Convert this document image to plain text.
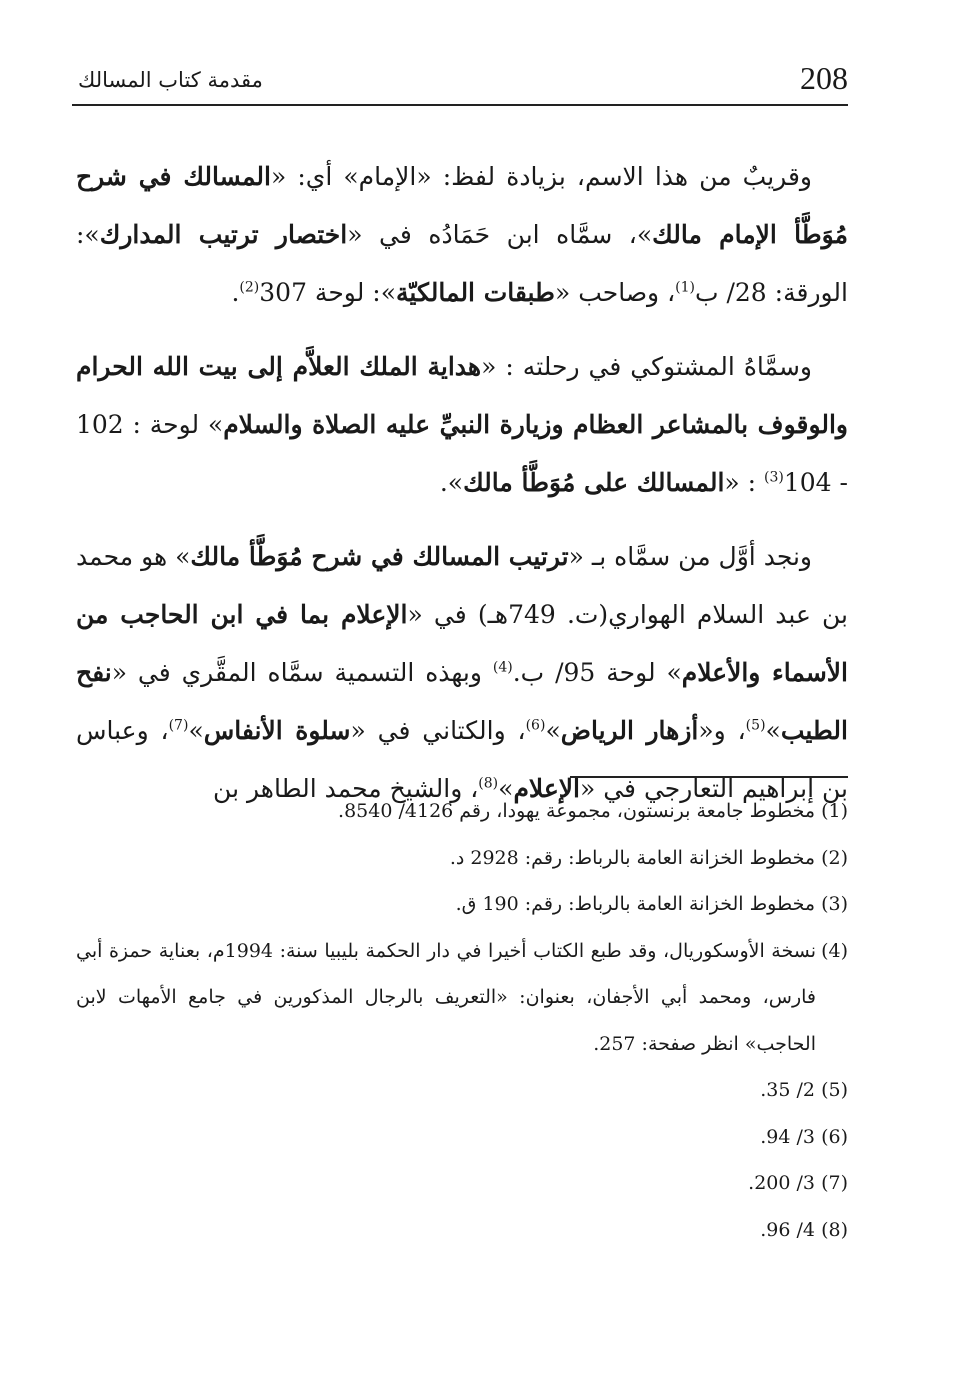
208
مقدمة كتاب المسالك

وقريبٌ من هذا الاسم، بزيادة لفظ: «الإمام» أي: «المسالك في شرح مُوَطَّأ الإمام مالك»، سمَّاه ابن حَمَادُه في «اختصار ترتيب المدارك»: الورقة: 28/ ب$^{(1)}$، وصاحب «طبقات المالكيّة»: لوحة 307$^{(2)}$.

وسمَّاهُ المشتوكي في رحلته : «هداية الملك العلاَّم إلى بيت الله الحرام والوقوف بالمشاعر العظام وزيارة النبيِّ عليه الصلاة والسلام» لوحة : 102 - 104$^{(3)}$ : «المسالك على مُوَطَّأ مالك».

ونجد أوَّل من سمَّاه بـ «ترتيب المسالك في شرح مُوَطَّأ مالك» هو محمد بن عبد السلام الهواري(ت. 749هـ) في «الإعلام بما في ابن الحاجب من الأسماء والأعلام» لوحة 95/ ب.$^{(4)}$ وبهذه التسمية سمَّاه المقَّري في «نفح الطيب»$^{(5)}$، و«أزهار الرياض»$^{(6)}$، والكتاني في «سلوة الأنفاس»$^{(7)}$، وعباس بن إبراهيم التعارجي في «الإعلام»$^{(8)}$، والشيخ محمد الطاهر بن

(1) مخطوط جامعة برنستون، مجموعة يهودا، رقم 4126/ 8540.

(2) مخطوط الخزانة العامة بالرباط: رقم: 2928 د.

(3) مخطوط الخزانة العامة بالرباط: رقم: 190 ق.

(4)نسخة الأوسكوريال، وقد طبع الكتاب أخيرا في دار الحكمة بليبيا سنة: 1994م، بعناية حمزة أبي فارس، ومحمد أبي الأجفان، بعنوان: «التعريف بالرجال المذكورين في جامع الأمهات لابن الحاجب» انظر صفحة: 257.

(5) 2/ 35.

(6) 3/ 94.

(7) 3/ 200.

(8) 4/ 96.
